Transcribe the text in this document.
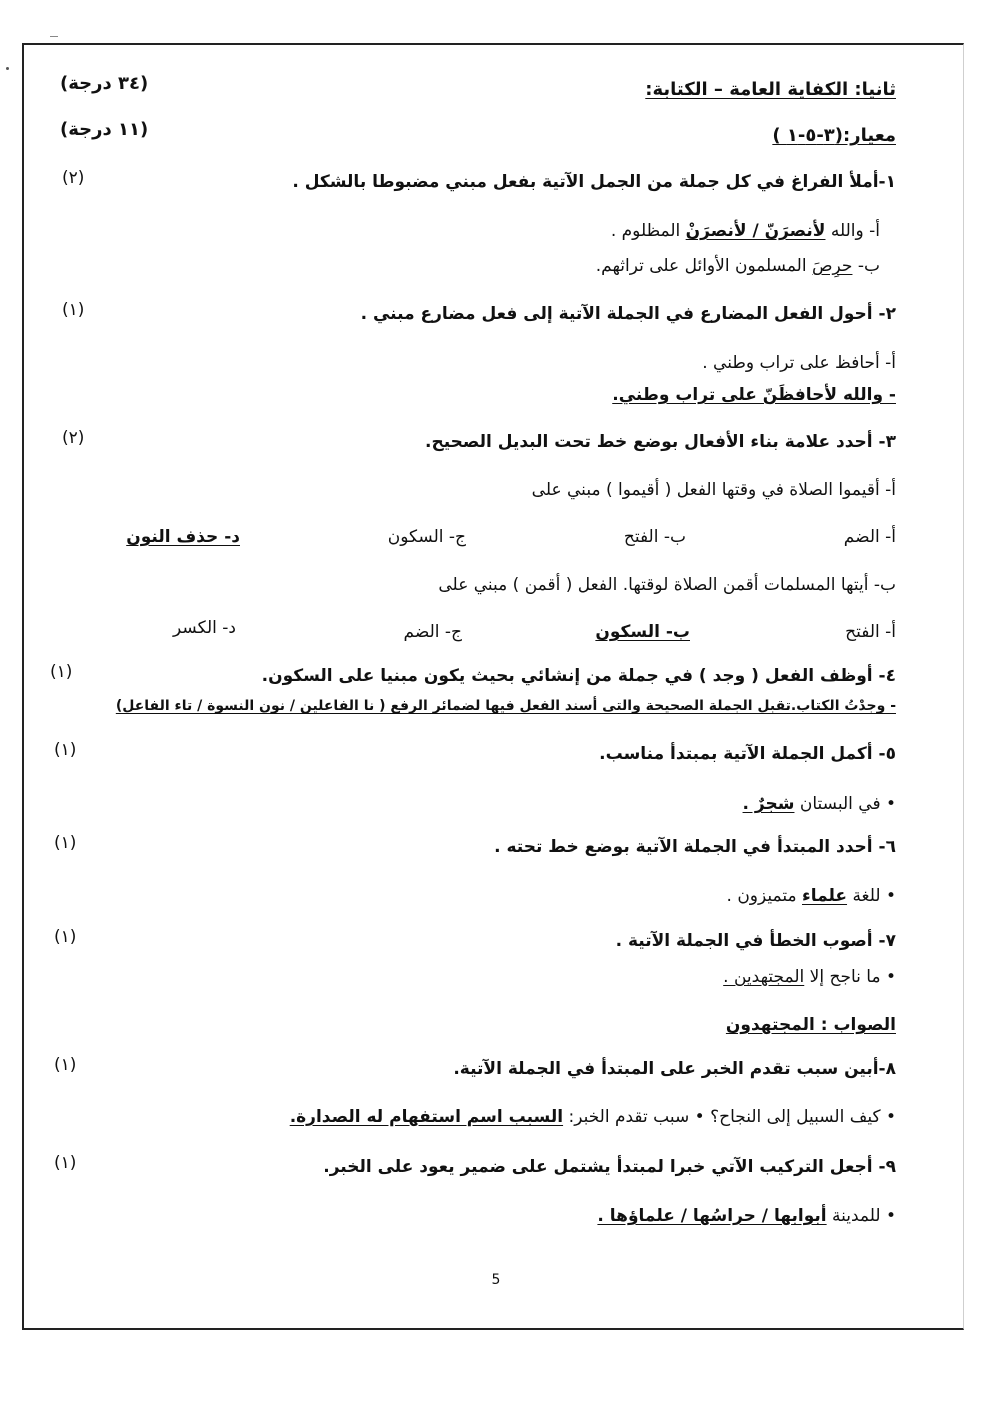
ثانيا: الكفاية العامة – الكتابة:
(٣٤ درجة)
معيار:(٣-٥-١ )
(١١ درجة)
١-أملأ الفراغ في كل جملة من الجمل الآتية بفعل مبني مضبوطا بالشكل .
(٢)
أ- والله لأنصرَنّ / لأنصرَنْ المظلوم .
ب- حرِصَ المسلمون الأوائل على تراثهم.
٢- أحول الفعل المضارع في الجملة الآتية إلى فعل مضارع مبني .
(١)
أ- أحافظ على تراب وطني .
- والله لأحافظَنّ على تراب وطني.
٣- أحدد علامة بناء الأفعال بوضع خط تحت البديل الصحيح.
(٢)
أ- أقيموا الصلاة في وقتها الفعل ( أقيموا ) مبني على
أ- الضم
ب- الفتح
ج- السكون
د- حذف النون
ب- أيتها المسلمات أقمن الصلاة لوقتها. الفعل ( أقمن ) مبني على
أ- الفتح
ب- السكون
ج- الضم
د- الكسر
٤- أوظف الفعل ( وجد ) في جملة من إنشائي بحيث يكون مبنيا على السكون.
(١)
- وجدْتُ الكتاب.تقبل الجملة الصحيحة والتى أسند الفعل فيها لضمائر الرفع ( نا الفاعلين / نون النسوة / تاء الفاعل)
٥- أكمل الجملة الآتية بمبتدأ مناسب.
(١)
• في البستان شجرٌ .
٦- أحدد المبتدأ في الجملة الآتية بوضع خط تحته .
(١)
• للغة علماء متميزون .
٧- أصوب الخطأ في الجملة الآتية .
(١)
• ما ناجح إلا المجتهدين .
الصواب : المجتهدون
٨-أبين سبب تقدم الخبر على المبتدأ في الجملة الآتية.
(١)
• كيف السبيل إلى النجاح؟ • سبب تقدم الخبر: السبب اسم استفهام له الصدارة.
٩- أجعل التركيب الآتي خبرا لمبتدأ يشتمل على ضمير يعود على الخبر.
(١)
• للمدينة أبوابها / حراسُها / علماؤها .
5
